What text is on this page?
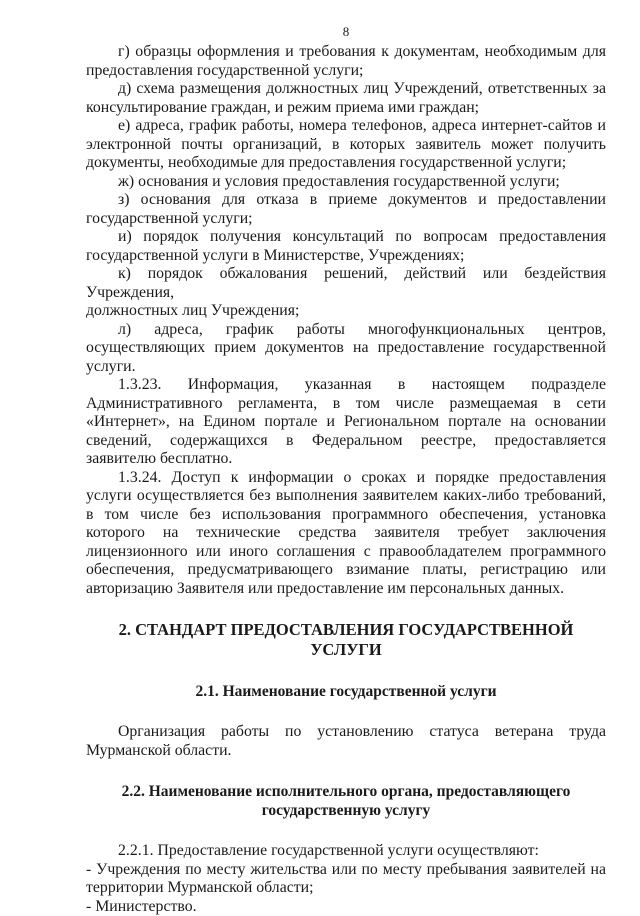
8
г) образцы оформления и требования к документам, необходимым для
предоставления государственной услуги;
д) схема размещения должностных лиц Учреждений, ответственных за
консультирование граждан, и режим приема ими граждан;
е) адреса, график работы, номера телефонов, адреса интернет-сайтов и
электронной почты организаций, в которых заявитель может получить документы, необходимые для предоставления государственной услуги;
ж) основания и условия предоставления государственной услуги;
з) основания для отказа в приеме документов и предоставлении
государственной услуги;
и) порядок получения консультаций по вопросам предоставления
государственной услуги в Министерстве, Учреждениях;
к) порядок обжалования решений, действий или бездействия Учреждения,
должностных лиц Учреждения;
л) адреса, график работы многофункциональных центров,
осуществляющих прием документов на предоставление государственной услуги.
1.3.23. Информация, указанная в настоящем подразделе
Административного регламента, в том числе размещаемая в сети «Интернет», на Едином портале и Региональном портале на основании сведений, содержащихся в Федеральном реестре, предоставляется заявителю бесплатно.
1.3.24. Доступ к информации о сроках и порядке предоставления услуги осуществляется без выполнения заявителем каких-либо требований, в том числе без использования программного обеспечения, установка которого на технические средства заявителя требует заключения лицензионного или иного соглашения с правообладателем программного обеспечения, предусматривающего взимание платы, регистрацию или авторизацию Заявителя или предоставление им персональных данных.
2. СТАНДАРТ ПРЕДОСТАВЛЕНИЯ ГОСУДАРСТВЕННОЙ
УСЛУГИ
2.1. Наименование государственной услуги
Организация работы по установлению статуса ветерана труда Мурманской области.
2.2. Наименование исполнительного органа, предоставляющего
государственную услугу
2.2.1. Предоставление государственной услуги осуществляют:
- Учреждения по месту жительства или по месту пребывания заявителей на территории Мурманской области;
- Министерство.
